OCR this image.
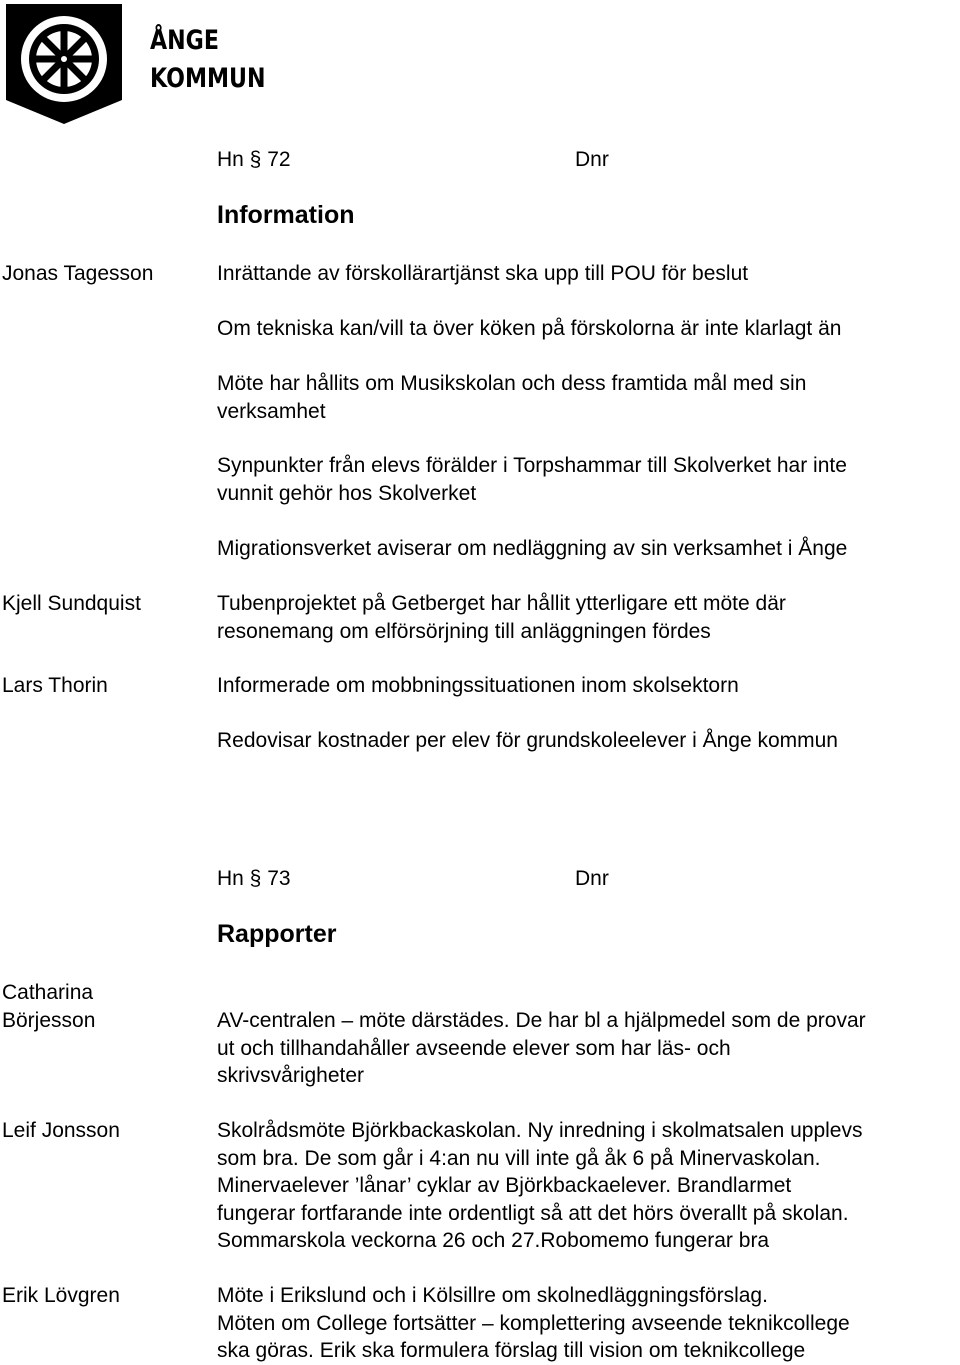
ÅNGE
KOMMUN
Hn § 72	Dnr
Information
Jonas Tagesson	Inrättande av förskollärartjänst ska upp till POU för beslut
Om tekniska kan/vill ta över köken på förskolorna är inte klarlagt än
Möte har hållits om Musikskolan och dess framtida mål med sin
verksamhet
Synpunkter från elevs förälder i Torpshammar till Skolverket har inte
vunnit gehör hos Skolverket
Migrationsverket aviserar om nedläggning av sin verksamhet i Ånge
Kjell Sundquist	Tubenprojektet på Getberget har hållit ytterligare ett möte där
resonemang om elförsörjning till anläggningen fördes
Lars Thorin	Informerade om mobbningssituationen inom skolsektorn
Redovisar kostnader per elev för grundskoleelever i Ånge kommun
Hn § 73	Dnr
Rapporter
Catharina
Börjesson	AV-centralen – möte därstädes. De har bl a hjälpmedel som de provar
ut och tillhandahåller avseende elever som har läs- och
skrivsvårigheter
Leif Jonsson	Skolrådsmöte Björkbackaskolan. Ny inredning i skolmatsalen upplevs
som bra. De som går i 4:an nu vill inte gå åk 6 på Minervaskolan.
Minervaelever ’lånar’ cyklar av Björkbackaelever. Brandlarmet
fungerar fortfarande inte ordentligt så att det hörs överallt på skolan.
Sommarskola veckorna 26 och 27.Robomemo fungerar bra
Erik Lövgren	Möte i Erikslund och i Kölsillre om skolnedläggningsförslag.
Möten om College fortsätter – komplettering avseende teknikcollege
ska göras. Erik ska formulera förslag till vision om teknikcollege
